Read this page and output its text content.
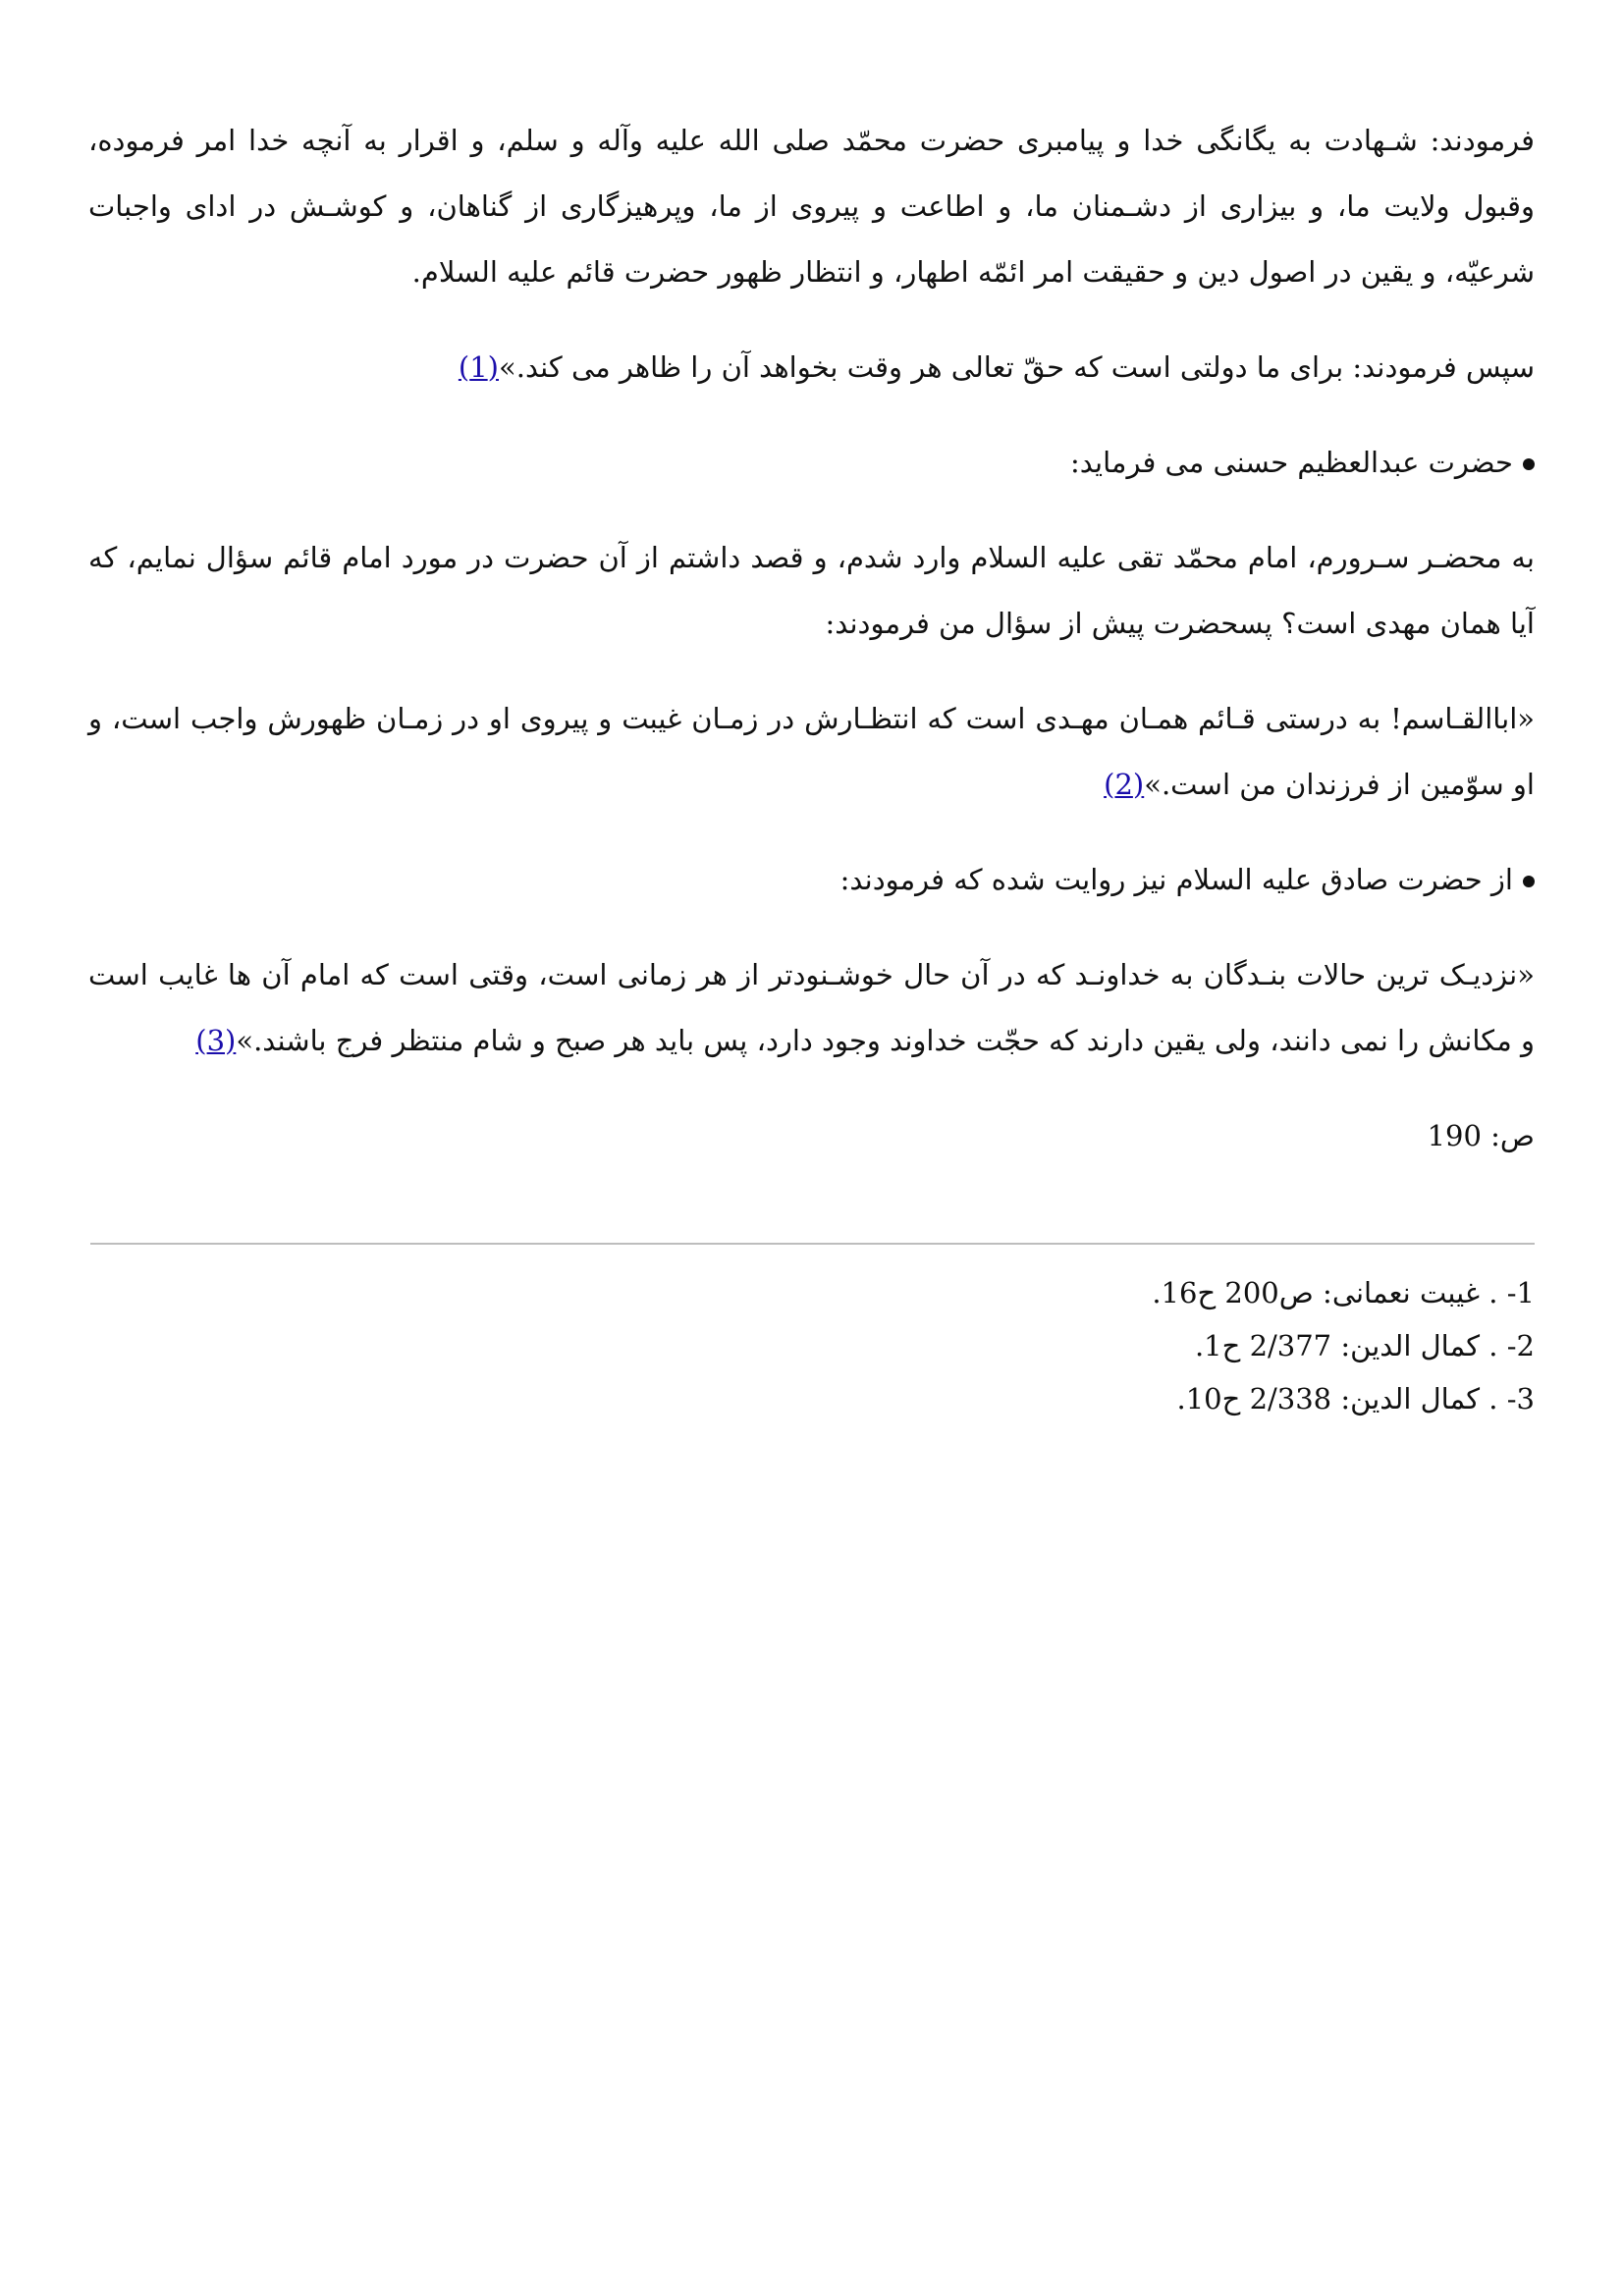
فرمودند: شـهادت به یگانگی خدا و پیامبری حضرت محمّد صلی الله علیه وآله و سلم، و اقرار به آنچه خدا امر فرموده، وقبول ولایت ما، و بیزاری از دشـمنان ما، و اطاعت و پیروی از ما، وپرهیزگاری از گناهان، و کوشـش در ادای واجبات شرعیّه، و یقین در اصول دین و حقیقت امر ائمّه اطهار، و انتظار ظهور حضرت قائم علیه السلام.

سپس فرمودند: برای ما دولتی است که حقّ تعالی هر وقت بخواهد آن را ظاهر می کند.»(1)

حضرت عبدالعظیم حسنی می فرماید:

به محضـر سـرورم، امام محمّد تقی علیه السلام وارد شدم، و قصد داشتم از آن حضرت در مورد امام قائم سؤال نمایم، که آیا همان مهدی است؟ پسحضرت پیش از سؤال من فرمودند:

«اباالقـاسم! به درستی قـائم همـان مهـدی است که انتظـارش در زمـان غیبت و پیروی او در زمـان ظهورش واجب است، و او سوّمین از فرزندان من است.»(2)

از حضرت صادق علیه السلام نیز روایت شده که فرمودند:

«نزدیـک ترین حالات بنـدگان به خداونـد که در آن حال خوشـنودتر از هر زمانی است، وقتی است که امام آن ها غایب است و مکانش را نمی دانند، ولی یقین دارند که حجّت خداوند وجود دارد، پس باید هر صبح و شام منتظر فرج باشند.»(3)

ص: 190

1- . غیبت نعمانی: ص200 ح16.

2- . کمال الدین: 2/377 ح1.

3- . کمال الدین: 2/338 ح10.
